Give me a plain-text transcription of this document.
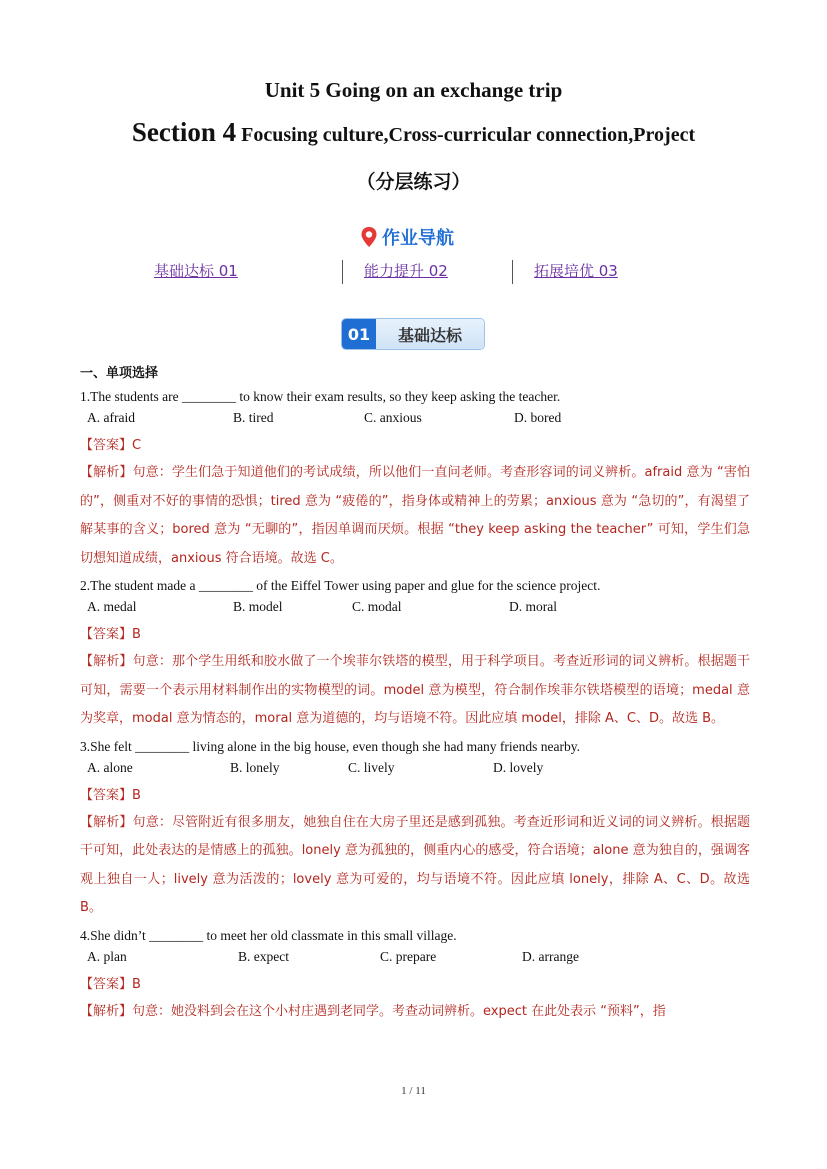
Unit 5 Going on an exchange trip
Section 4 Focusing culture,Cross-curricular connection,Project
（分层练习）
作业导航
基础达标 01	能力提升 02	拓展培优 03
01	基础达标
一、单项选择
1.The students are ________ to know their exam results, so they keep asking the teacher.
A. afraid	B. tired	C. anxious	D. bored
【答案】C
【解析】句意：学生们急于知道他们的考试成绩，所以他们一直问老师。考查形容词的词义辨析。afraid 意为 “害怕的”，侧重对不好的事情的恐惧；tired 意为 “疲倦的”，指身体或精神上的劳累；anxious 意为 “急切的”，有渴望了解某事的含义；bored 意为 “无聊的”，指因单调而厌烦。根据 “they keep asking the teacher” 可知，学生们急切想知道成绩，anxious 符合语境。故选 C。
2.The student made a ________ of the Eiffel Tower using paper and glue for the science project.
A. medal	B. model	C. modal	D. moral
【答案】B
【解析】句意：那个学生用纸和胶水做了一个埃菲尔铁塔的模型，用于科学项目。考查近形词的词义辨析。根据题干可知，需要一个表示用材料制作出的实物模型的词。model 意为模型，符合制作埃菲尔铁塔模型的语境；medal 意为奖章，modal 意为情态的，moral 意为道德的，均与语境不符。因此应填 model，排除 A、C、D。故选 B。
3.She felt ________ living alone in the big house, even though she had many friends nearby.
A. alone	B. lonely	C. lively	D. lovely
【答案】B
【解析】句意：尽管附近有很多朋友，她独自住在大房子里还是感到孤独。考查近形词和近义词的词义辨析。根据题干可知，此处表达的是情感上的孤独。lonely 意为孤独的，侧重内心的感受，符合语境；alone 意为独自的，强调客观上独自一人；lively 意为活泼的；lovely 意为可爱的，均与语境不符。因此应填 lonely，排除 A、C、D。故选 B。
4.She didn’t ________ to meet her old classmate in this small village.
A. plan	B. expect	C. prepare	D. arrange
【答案】B
【解析】句意：她没料到会在这个小村庄遇到老同学。考查动词辨析。expect 在此处表示 “预料”，指
1 / 11
